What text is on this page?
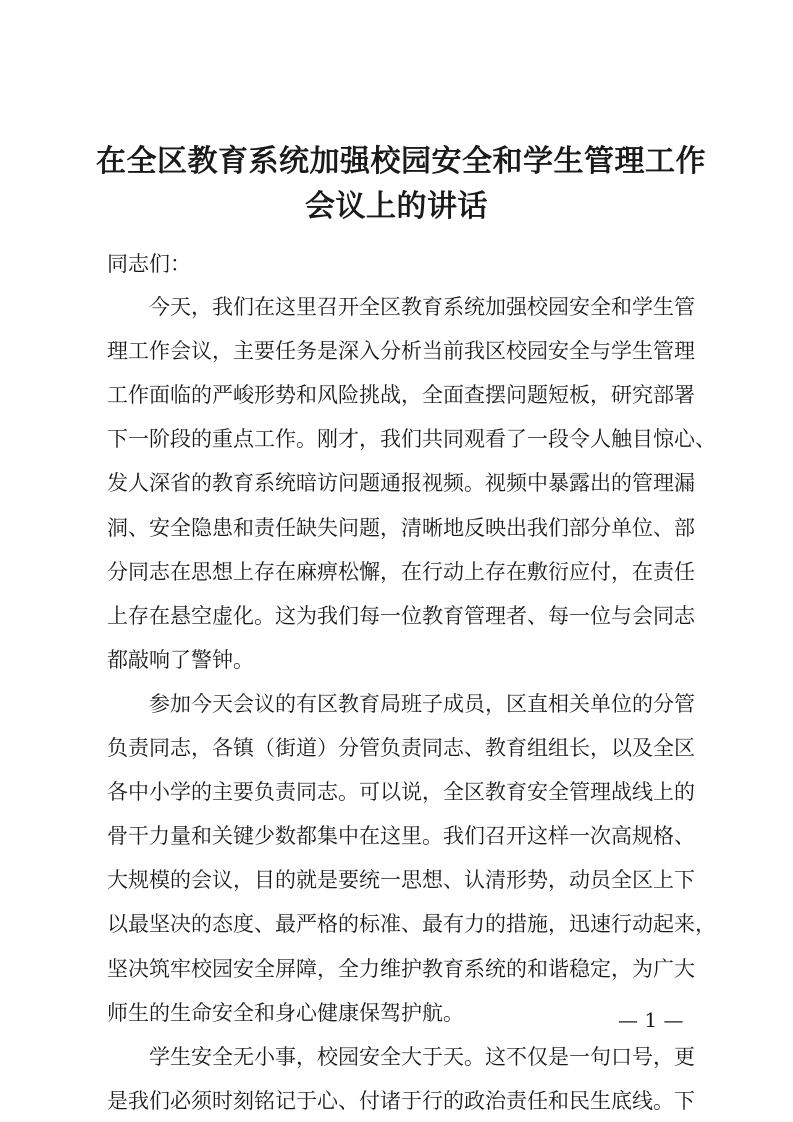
在全区教育系统加强校园安全和学生管理工作
会议上的讲话
同志们：
今天，我们在这里召开全区教育系统加强校园安全和学生管
理工作会议，主要任务是深入分析当前我区校园安全与学生管理
工作面临的严峻形势和风险挑战，全面查摆问题短板，研究部署
下一阶段的重点工作。刚才，我们共同观看了一段令人触目惊心、
发人深省的教育系统暗访问题通报视频。视频中暴露出的管理漏
洞、安全隐患和责任缺失问题，清晰地反映出我们部分单位、部
分同志在思想上存在麻痹松懈，在行动上存在敷衍应付，在责任
上存在悬空虚化。这为我们每一位教育管理者、每一位与会同志
都敲响了警钟。
参加今天会议的有区教育局班子成员，区直相关单位的分管
负责同志，各镇（街道）分管负责同志、教育组组长，以及全区
各中小学的主要负责同志。可以说，全区教育安全管理战线上的
骨干力量和关键少数都集中在这里。我们召开这样一次高规格、
大规模的会议，目的就是要统一思想、认清形势，动员全区上下
以最坚决的态度、最严格的标准、最有力的措施，迅速行动起来，
坚决筑牢校园安全屏障，全力维护教育系统的和谐稳定，为广大
师生的生命安全和身心健康保驾护航。
学生安全无小事，校园安全大于天。这不仅是一句口号，更
是我们必须时刻铭记于心、付诸于行的政治责任和民生底线。下
— 1 —
